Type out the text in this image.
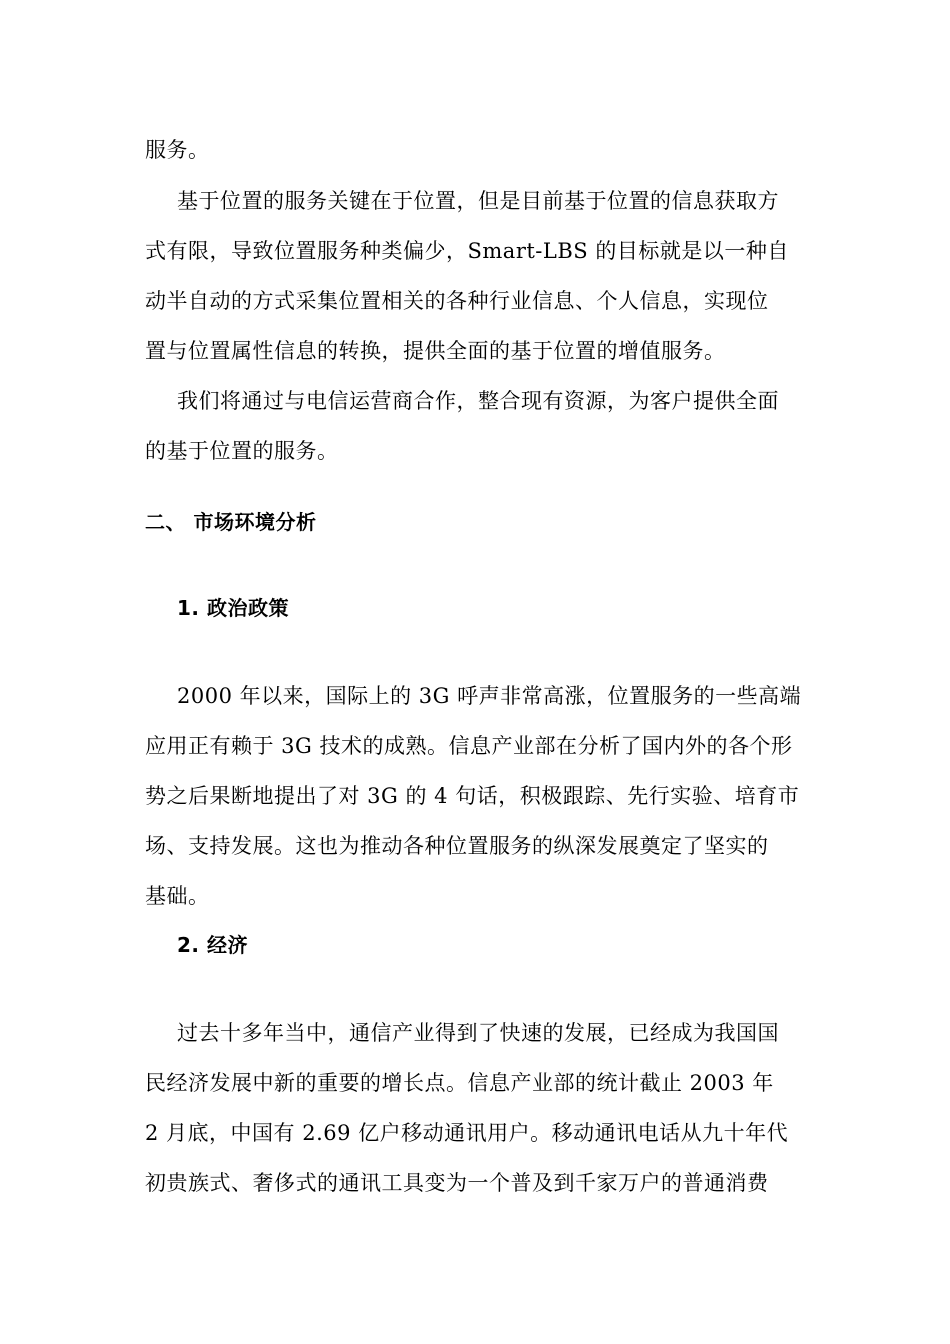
服务。
基于位置的服务关键在于位置，但是目前基于位置的信息获取方
式有限，导致位置服务种类偏少，Smart-LBS 的目标就是以一种自
动半自动的方式采集位置相关的各种行业信息、个人信息，实现位
置与位置属性信息的转换，提供全面的基于位置的增值服务。
我们将通过与电信运营商合作，整合现有资源，为客户提供全面
的基于位置的服务。
二、 市场环境分析
1. 政治政策
2000 年以来，国际上的 3G 呼声非常高涨，位置服务的一些高端
应用正有赖于 3G 技术的成熟。信息产业部在分析了国内外的各个形
势之后果断地提出了对 3G 的 4 句话，积极跟踪、先行实验、培育市
场、支持发展。这也为推动各种位置服务的纵深发展奠定了坚实的
基础。
2. 经济
过去十多年当中，通信产业得到了快速的发展，已经成为我国国
民经济发展中新的重要的增长点。信息产业部的统计截止 2003 年
2 月底，中国有 2.69 亿户移动通讯用户。移动通讯电话从九十年代
初贵族式、奢侈式的通讯工具变为一个普及到千家万户的普通消费
